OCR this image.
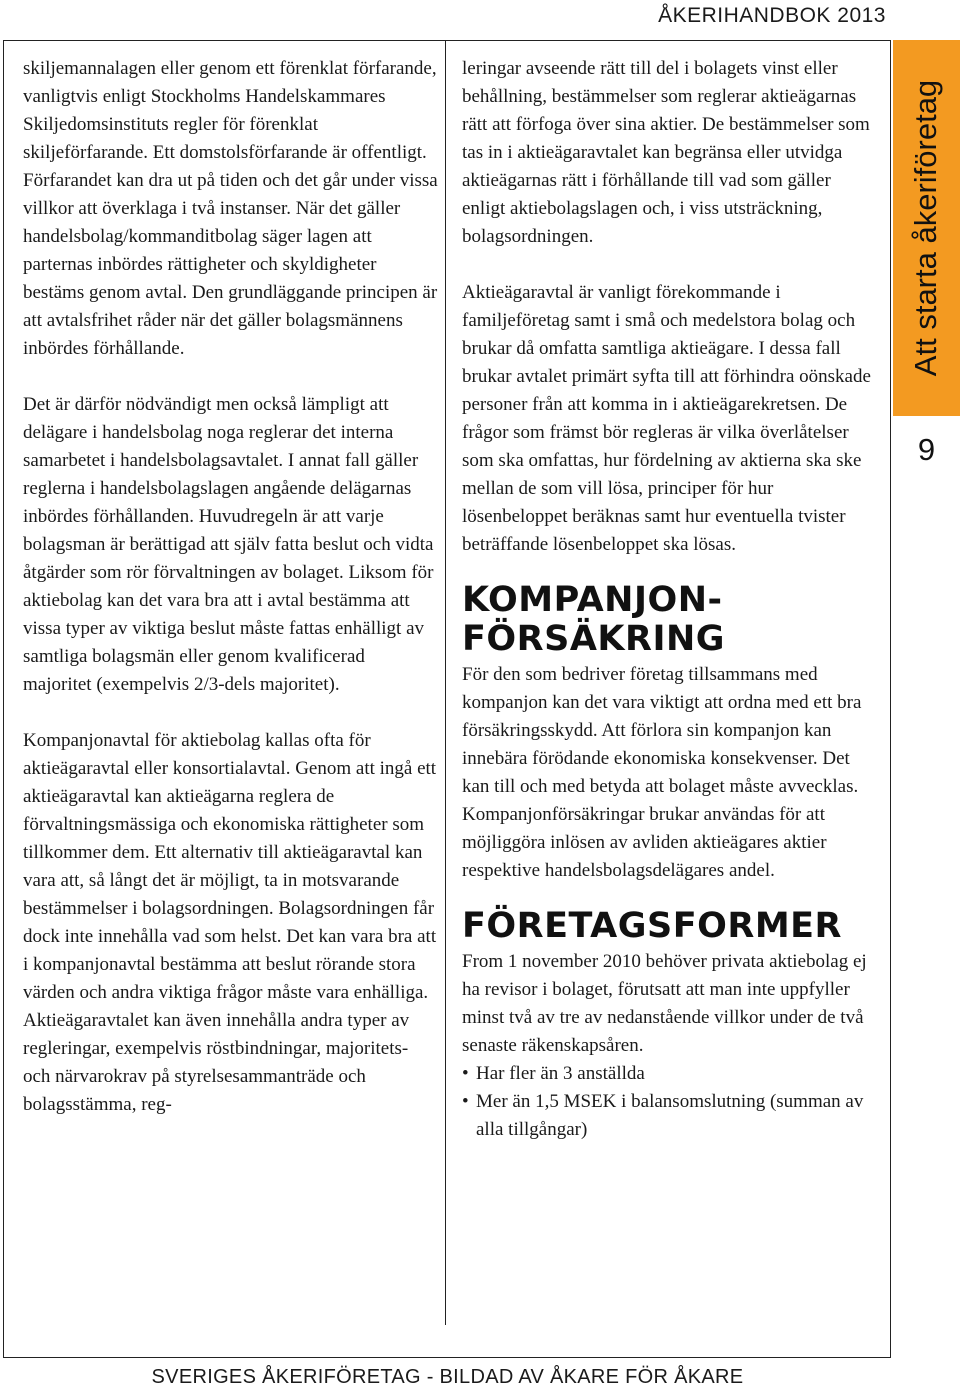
ÅKERIHANDBOK 2013
Att starta åkeriföretag
9

skiljemannalagen eller genom ett förenklat förfarande, vanligtvis enligt Stockholms Handelskammares Skiljedomsinstituts regler för förenklat skiljeförfarande. Ett domstolsförfarande är offentligt. Förfarandet kan dra ut på tiden och det går under vissa villkor att överklaga i två instanser. När det gäller handelsbolag/kommanditbolag säger lagen att parternas inbördes rättigheter och skyldigheter bestäms genom avtal. Den grundläggande principen är att avtalsfrihet råder när det gäller bolagsmännens inbördes förhållande.

Det är därför nödvändigt men också lämpligt att delägare i handelsbolag noga reglerar det interna samarbetet i handelsbolagsavtalet. I annat fall gäller reglerna i handelsbolagslagen angående delägarnas inbördes förhållanden. Huvudregeln är att varje bolagsman är berättigad att själv fatta beslut och vidta åtgärder som rör förvaltningen av bolaget. Liksom för aktiebolag kan det vara bra att i avtal bestämma att vissa typer av viktiga beslut måste fattas enhälligt av samtliga bolagsmän eller genom kvalificerad majoritet (exempelvis 2/3-dels majoritet).

Kompanjonavtal för aktiebolag kallas ofta för aktieägaravtal eller konsortialavtal. Genom att ingå ett aktieägaravtal kan aktieägarna reglera de förvaltningsmässiga och ekonomiska rättigheter som tillkommer dem. Ett alternativ till aktieägaravtal kan vara att, så långt det är möjligt, ta in motsvarande bestämmelser i bolagsordningen. Bolagsordningen får dock inte innehålla vad som helst. Det kan vara bra att i kompanjonavtal bestämma att beslut rörande stora värden och andra viktiga frågor måste vara enhälliga. Aktieägaravtalet kan även innehålla andra typer av regleringar, exempelvis röstbindningar, majoritets- och närvarokrav på styrelsesammanträde och bolagsstämma, reg-

leringar avseende rätt till del i bolagets vinst eller behållning, bestämmelser som reglerar aktieägarnas rätt att förfoga över sina aktier. De bestämmelser som tas in i aktieägaravtalet kan begränsa eller utvidga aktieägarnas rätt i förhållande till vad som gäller enligt aktiebolagslagen och, i viss utsträckning, bolagsordningen.

Aktieägaravtal är vanligt förekommande i familjeföretag samt i små och medelstora bolag och brukar då omfatta samtliga aktieägare. I dessa fall brukar avtalet primärt syfta till att förhindra oönskade personer från att komma in i aktieägarekretsen. De frågor som främst bör regleras är vilka överlåtelser som ska omfattas, hur fördelning av aktierna ska ske mellan de som vill lösa, principer för hur lösenbeloppet beräknas samt hur eventuella tvister beträffande lösenbeloppet ska lösas.

KOMPANJON-
FÖRSÄKRING

För den som bedriver företag tillsammans med kompanjon kan det vara viktigt att ordna med ett bra försäkringsskydd. Att förlora sin kompanjon kan innebära förödande ekonomiska konsekvenser. Det kan till och med betyda att bolaget måste avvecklas. Kompanjonförsäkringar brukar användas för att möjliggöra inlösen av avliden aktieägares aktier respektive handelsbolagsdelägares andel.

FÖRETAGSFORMER

From 1 november 2010 behöver privata aktiebolag ej ha revisor i bolaget, förutsatt att man inte uppfyller minst två av tre av nedanstående villkor under de två senaste räkenskapsåren.

• Har fler än 3 anställda
• Mer än 1,5 MSEK i balansomslutning (summan av alla tillgångar)
SVERIGES ÅKERIFÖRETAG - BILDAD AV ÅKARE FÖR ÅKARE
